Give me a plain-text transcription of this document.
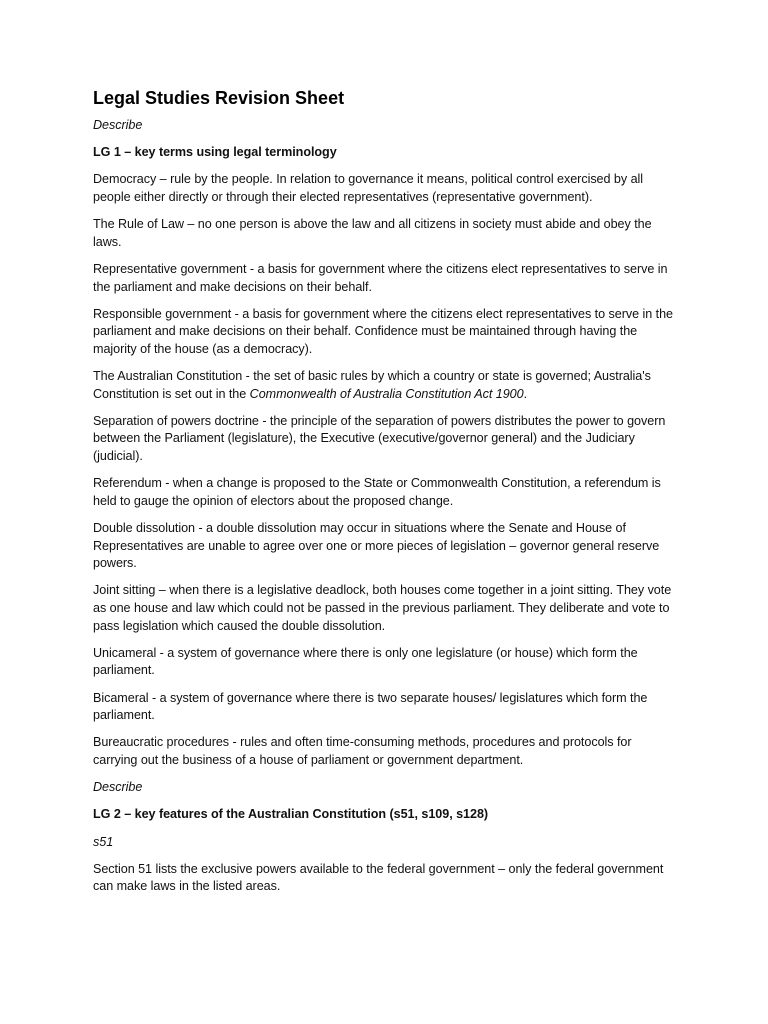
Legal Studies Revision Sheet

Describe

LG 1 – key terms using legal terminology

Democracy – rule by the people. In relation to governance it means, political control exercised by all people either directly or through their elected representatives (representative government).

The Rule of Law – no one person is above the law and all citizens in society must abide and obey the laws.

Representative government - a basis for government where the citizens elect representatives to serve in the parliament and make decisions on their behalf.

Responsible government - a basis for government where the citizens elect representatives to serve in the parliament and make decisions on their behalf. Confidence must be maintained through having the majority of the house (as a democracy).

The Australian Constitution - the set of basic rules by which a country or state is governed; Australia's Constitution is set out in the Commonwealth of Australia Constitution Act 1900.

Separation of powers doctrine - the principle of the separation of powers distributes the power to govern between the Parliament (legislature), the Executive (executive/governor general) and the Judiciary (judicial).

Referendum - when a change is proposed to the State or Commonwealth Constitution, a referendum is held to gauge the opinion of electors about the proposed change.

Double dissolution - a double dissolution may occur in situations where the Senate and House of Representatives are unable to agree over one or more pieces of legislation – governor general reserve powers.

Joint sitting – when there is a legislative deadlock, both houses come together in a joint sitting. They vote as one house and law which could not be passed in the previous parliament. They deliberate and vote to pass legislation which caused the double dissolution.

Unicameral - a system of governance where there is only one legislature (or house) which form the parliament.

Bicameral - a system of governance where there is two separate houses/ legislatures which form the parliament.

Bureaucratic procedures - rules and often time-consuming methods, procedures and protocols for carrying out the business of a house of parliament or government department.

Describe

LG 2 – key features of the Australian Constitution (s51, s109, s128)

s51

Section 51 lists the exclusive powers available to the federal government – only the federal government can make laws in the listed areas.
